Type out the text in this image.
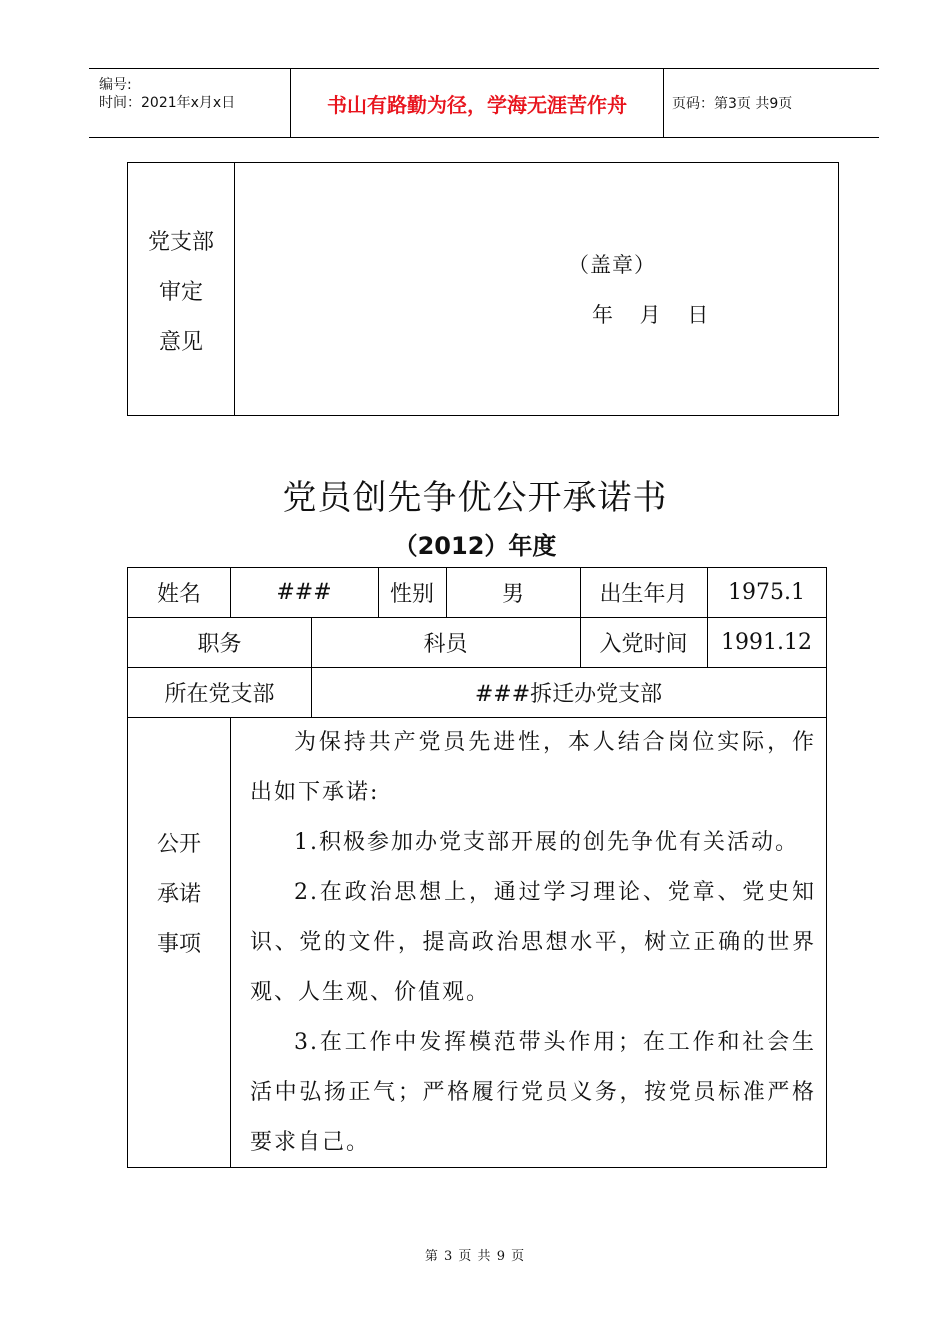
编号:
时间：2021年x月x日	书山有路勤为径，学海无涯苦作舟	页码：第3页 共9页
党支部
审定
意见
（盖章）
年 月 日
党员创先争优公开承诺书
（2012）年度
姓名	###	性别	男	出生年月	1975.1
职务	科员	入党时间	1991.12
所在党支部	###拆迁办党支部
公开
承诺
事项

为保持共产党员先进性，本人结合岗位实际，作出如下承诺:

1.积极参加办党支部开展的创先争优有关活动。

2.在政治思想上，通过学习理论、党章、党史知识、党的文件，提高政治思想水平，树立正确的世界观、人生观、价值观。

3.在工作中发挥模范带头作用；在工作和社会生活中弘扬正气；严格履行党员义务，按党员标准严格要求自己。

第 3 页 共 9 页
